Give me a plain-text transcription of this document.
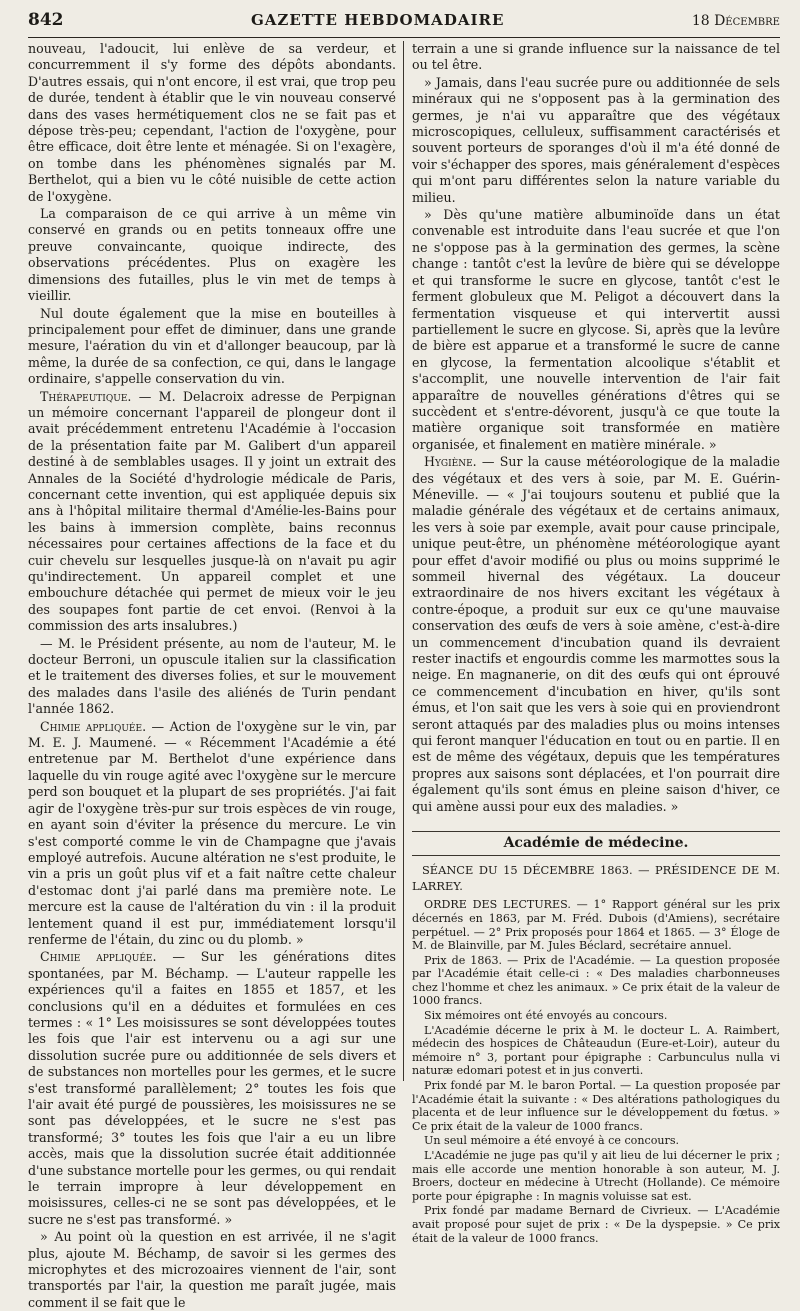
842	GAZETTE HEBDOMADAIRE	18 Décembre

nouveau, l'adoucit, lui enlève de sa verdeur, et concurremment il s'y forme des dépôts abondants. D'autres essais, qui n'ont encore, il est vrai, que trop peu de durée, tendent à établir que le vin nouveau conservé dans des vases hermétiquement clos ne se fait pas et dépose très-peu; cependant, l'action de l'oxygène, pour être efficace, doit être lente et ménagée. Si on l'exagère, on tombe dans les phénomènes signalés par M. Berthelot, qui a bien vu le côté nuisible de cette action de l'oxygène.

La comparaison de ce qui arrive à un même vin conservé en grands ou en petits tonneaux offre une preuve convaincante, quoique indirecte, des observations précédentes. Plus on exagère les dimensions des futailles, plus le vin met de temps à vieillir.

Nul doute également que la mise en bouteilles à principalement pour effet de diminuer, dans une grande mesure, l'aération du vin et d'allonger beaucoup, par là même, la durée de sa confection, ce qui, dans le langage ordinaire, s'appelle conservation du vin.

Thérapeutique. — M. Delacroix adresse de Perpignan un mémoire concernant l'appareil de plongeur dont il avait précédemment entretenu l'Académie à l'occasion de la présentation faite par M. Galibert d'un appareil destiné à de semblables usages. Il y joint un extrait des Annales de la Société d'hydrologie médicale de Paris, concernant cette invention, qui est appliquée depuis six ans à l'hôpital militaire thermal d'Amélie-les-Bains pour les bains à immersion complète, bains reconnus nécessaires pour certaines affections de la face et du cuir chevelu sur lesquelles jusque-là on n'avait pu agir qu'indirectement. Un appareil complet et une embouchure détachée qui permet de mieux voir le jeu des soupapes font partie de cet envoi. (Renvoi à la commission des arts insalubres.)

— M. le Président présente, au nom de l'auteur, M. le docteur Berroni, un opuscule italien sur la classification et le traitement des diverses folies, et sur le mouvement des malades dans l'asile des aliénés de Turin pendant l'année 1862.

Chimie appliquée. — Action de l'oxygène sur le vin, par M. E. J. Maumené. — « Récemment l'Académie a été entretenue par M. Berthelot d'une expérience dans laquelle du vin rouge agité avec l'oxygène sur le mercure perd son bouquet et la plupart de ses propriétés. J'ai fait agir de l'oxygène très-pur sur trois espèces de vin rouge, en ayant soin d'éviter la présence du mercure. Le vin s'est comporté comme le vin de Champagne que j'avais employé autrefois. Aucune altération ne s'est produite, le vin a pris un goût plus vif et a fait naître cette chaleur d'estomac dont j'ai parlé dans ma première note. Le mercure est la cause de l'altération du vin : il la produit lentement quand il est pur, immédiatement lorsqu'il renferme de l'étain, du zinc ou du plomb. »

Chimie appliquée. — Sur les générations dites spontanées, par M. Béchamp. — L'auteur rappelle les expériences qu'il a faites en 1855 et 1857, et les conclusions qu'il en a déduites et formulées en ces termes : « 1° Les moisissures se sont développées toutes les fois que l'air est intervenu ou a agi sur une dissolution sucrée pure ou additionnée de sels divers et de substances non mortelles pour les germes, et le sucre s'est transformé parallèlement; 2° toutes les fois que l'air avait été purgé de poussières, les moisissures ne se sont pas développées, et le sucre ne s'est pas transformé; 3° toutes les fois que l'air a eu un libre accès, mais que la dissolution sucrée était additionnée d'une substance mortelle pour les germes, ou qui rendait le terrain impropre à leur développement en moisissures, celles-ci ne se sont pas développées, et le sucre ne s'est pas transformé. »

» Au point où la question en est arrivée, il ne s'agit plus, ajoute M. Béchamp, de savoir si les germes des microphytes et des microzoaires viennent de l'air, sont transportés par l'air, la question me paraît jugée, mais comment il se fait que le

terrain a une si grande influence sur la naissance de tel ou tel être.

» Jamais, dans l'eau sucrée pure ou additionnée de sels minéraux qui ne s'opposent pas à la germination des germes, je n'ai vu apparaître que des végétaux microscopiques, celluleux, suffisamment caractérisés et souvent porteurs de sporanges d'où il m'a été donné de voir s'échapper des spores, mais généralement d'espèces qui m'ont paru différentes selon la nature variable du milieu.

» Dès qu'une matière albuminoïde dans un état convenable est introduite dans l'eau sucrée et que l'on ne s'oppose pas à la germination des germes, la scène change : tantôt c'est la levûre de bière qui se développe et qui transforme le sucre en glycose, tantôt c'est le ferment globuleux que M. Peligot a découvert dans la fermentation visqueuse et qui intervertit aussi partiellement le sucre en glycose. Si, après que la levûre de bière est apparue et a transformé le sucre de canne en glycose, la fermentation alcoolique s'établit et s'accomplit, une nouvelle intervention de l'air fait apparaître de nouvelles générations d'êtres qui se succèdent et s'entre-dévorent, jusqu'à ce que toute la matière organique soit transformée en matière organisée, et finalement en matière minérale. »

Hygiène. — Sur la cause météorologique de la maladie des végétaux et des vers à soie, par M. E. Guérin-Méneville. — « J'ai toujours soutenu et publié que la maladie générale des végétaux et de certains animaux, les vers à soie par exemple, avait pour cause principale, unique peut-être, un phénomène météorologique ayant pour effet d'avoir modifié ou plus ou moins supprimé le sommeil hivernal des végétaux. La douceur extraordinaire de nos hivers excitant les végétaux à contre-époque, a produit sur eux ce qu'une mauvaise conservation des œufs de vers à soie amène, c'est-à-dire un commencement d'incubation quand ils devraient rester inactifs et engourdis comme les marmottes sous la neige. En magnanerie, on dit des œufs qui ont éprouvé ce commencement d'incubation en hiver, qu'ils sont émus, et l'on sait que les vers à soie qui en proviendront seront attaqués par des maladies plus ou moins intenses qui feront manquer l'éducation en tout ou en partie. Il en est de même des végétaux, depuis que les températures propres aux saisons sont déplacées, et l'on pourrait dire également qu'ils sont émus en pleine saison d'hiver, ce qui amène aussi pour eux des maladies. »

Académie de médecine.
SÉANCE DU 15 DÉCEMBRE 1863. — PRÉSIDENCE DE M. LARREY.

ORDRE DES LECTURES. — 1° Rapport général sur les prix décernés en 1863, par M. Fréd. Dubois (d'Amiens), secrétaire perpétuel. — 2° Prix proposés pour 1864 et 1865. — 3° Éloge de M. de Blainville, par M. Jules Béclard, secrétaire annuel.

Prix de 1863. — Prix de l'Académie. — La question proposée par l'Académie était celle-ci : « Des maladies charbonneuses chez l'homme et chez les animaux. » Ce prix était de la valeur de 1000 francs.

Six mémoires ont été envoyés au concours.

L'Académie décerne le prix à M. le docteur L. A. Raimbert, médecin des hospices de Châteaudun (Eure-et-Loir), auteur du mémoire n° 3, portant pour épigraphe : Carbunculus nulla vi naturæ edomari potest et in jus converti.

Prix fondé par M. le baron Portal. — La question proposée par l'Académie était la suivante : « Des altérations pathologiques du placenta et de leur influence sur le développement du fœtus. » Ce prix était de la valeur de 1000 francs.

Un seul mémoire a été envoyé à ce concours.

L'Académie ne juge pas qu'il y ait lieu de lui décerner le prix ; mais elle accorde une mention honorable à son auteur, M. J. Broers, docteur en médecine à Utrecht (Hollande). Ce mémoire porte pour épigraphe : In magnis voluisse sat est.

Prix fondé par madame Bernard de Civrieux. — L'Académie avait proposé pour sujet de prix : « De la dyspepsie. » Ce prix était de la valeur de 1000 francs.
